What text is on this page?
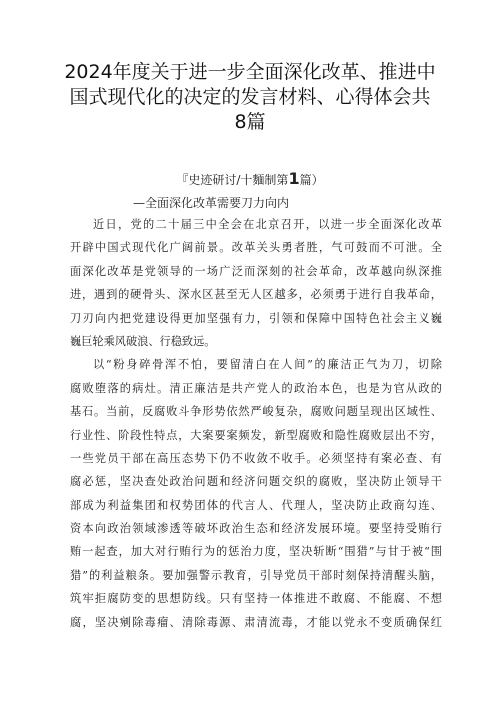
2024年度关于进一步全面深化改革、推进中
国式现代化的决定的发言材料、心得体会共
8篇
『史迹研讨/十麵制第1篇）
—全面深化改革需要刀力向内
近日，党的二十届三中全会在北京召开，以进一步全面深化改革
开辟中国式现代化广阔前景。改革关头勇者胜，气可鼓而不可泄。全
面深化改革是党领导的一场广泛而深刻的社会革命，改革越向纵深推
进，遇到的硬骨头、深水区甚至无人区越多，必须勇于进行自我革命，
刀刃向内把党建设得更加坚强有力，引领和保障中国特色社会主义巍
巍巨轮乘风破浪、行稳致远。
以“粉身碎骨浑不怕，要留清白在人间”的廉洁正气为刀，切除
腐败堕落的病灶。清正廉洁是共产党人的政治本色，也是为官从政的
基石。当前，反腐败斗争形势依然严峻复杂，腐败问题呈现出区域性、
行业性、阶段性特点，大案要案频发，新型腐败和隐性腐败层出不穷，
一些党员干部在高压态势下仍不收敛不收手。必须坚持有案必查、有
腐必惩，坚决查处政治问题和经济问题交织的腐败，坚决防止领导干
部成为利益集团和权势团体的代言人、代理人，坚决防止政商勾连、
资本向政治领域渗透等破坏政治生态和经济发展环境。要坚持受贿行
贿一起查，加大对行贿行为的惩治力度，坚决斩断“围猎”与甘于被“围
猎”的利益粮条。要加强警示教育，引导党员干部时刻保持清醒头脑，
筑牢拒腐防变的思想防线。只有坚持一体推进不敢腐、不能腐、不想
腐，坚决剜除毒瘤、清除毒源、肃清流毒，才能以党永不变质确保红
